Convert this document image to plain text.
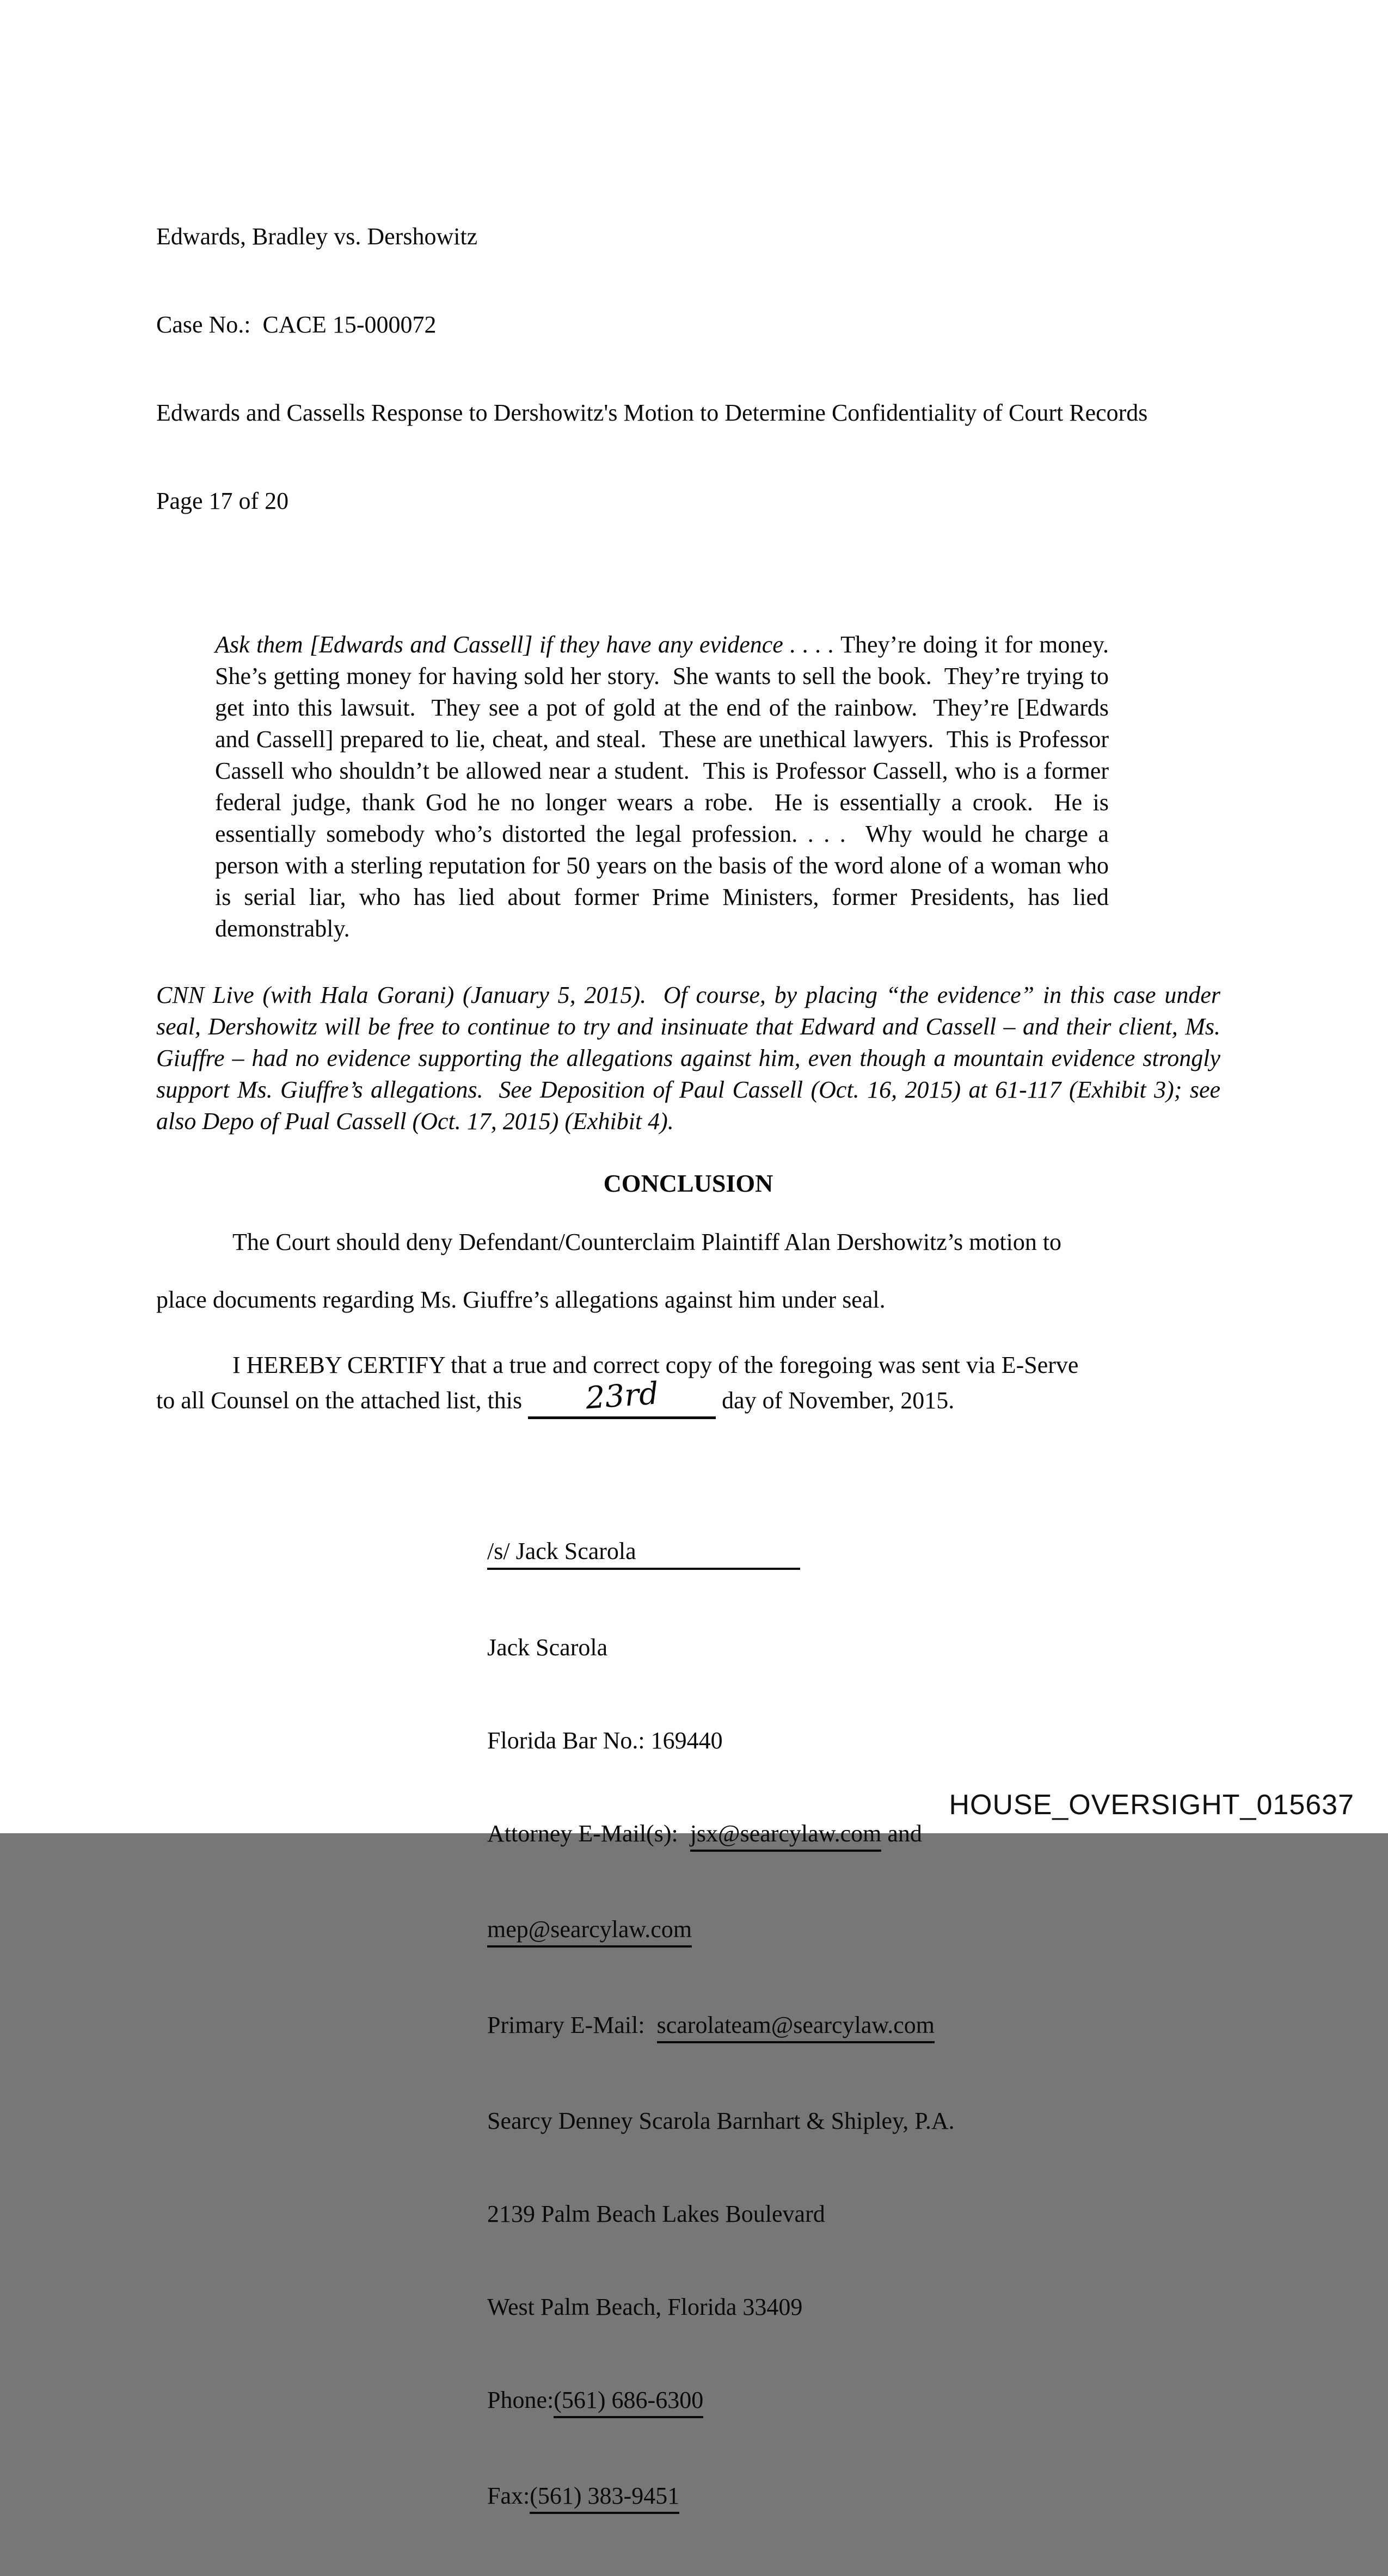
Edwards, Bradley vs. Dershowitz

Case No.:  CACE 15-000072

Edwards and Cassells Response to Dershowitz's Motion to Determine Confidentiality of Court Records

Page 17 of 20

Ask them [Edwards and Cassell] if they have any evidence . . . . They’re doing it for money.  She’s getting money for having sold her story.  She wants to sell the book.  They’re trying to get into this lawsuit.  They see a pot of gold at the end of the rainbow.  They’re [Edwards and Cassell] prepared to lie, cheat, and steal.  These are unethical lawyers.  This is Professor Cassell who shouldn’t be allowed near a student.  This is Professor Cassell, who is a former federal judge, thank God he no longer wears a robe.  He is essentially a crook.  He is essentially somebody who’s distorted the legal profession. . . .  Why would he charge a person with a sterling reputation for 50 years on the basis of the word alone of a woman who is serial liar, who has lied about former Prime Ministers, former Presidents, has lied demonstrably.
CNN Live (with Hala Gorani) (January 5, 2015).  Of course, by placing “the evidence” in this case under seal, Dershowitz will be free to continue to try and insinuate that Edward and Cassell – and their client, Ms. Giuffre – had no evidence supporting the allegations against him, even though a mountain evidence strongly support Ms. Giuffre’s allegations.  See Deposition of Paul Cassell (Oct. 16, 2015) at 61-117 (Exhibit 3); see also Depo of Pual Cassell (Oct. 17, 2015) (Exhibit 4).
CONCLUSION
The Court should deny Defendant/Counterclaim Plaintiff Alan Dershowitz’s motion to
place documents regarding Ms. Giuffre’s allegations against him under seal.
I HEREBY CERTIFY that a true and correct copy of the foregoing was sent via E-Serve
to all Counsel on the attached list, this 23rd day of November, 2015.

/s/ Jack Scarola

Jack Scarola

Florida Bar No.: 169440

Attorney E-Mail(s):  jsx@searcylaw.com and

mep@searcylaw.com

Primary E-Mail:  scarolateam@searcylaw.com

Searcy Denney Scarola Barnhart & Shipley, P.A.

2139 Palm Beach Lakes Boulevard

West Palm Beach, Florida 33409

Phone:(561) 686-6300

Fax:(561) 383-9451

HOUSE_OVERSIGHT_015637
